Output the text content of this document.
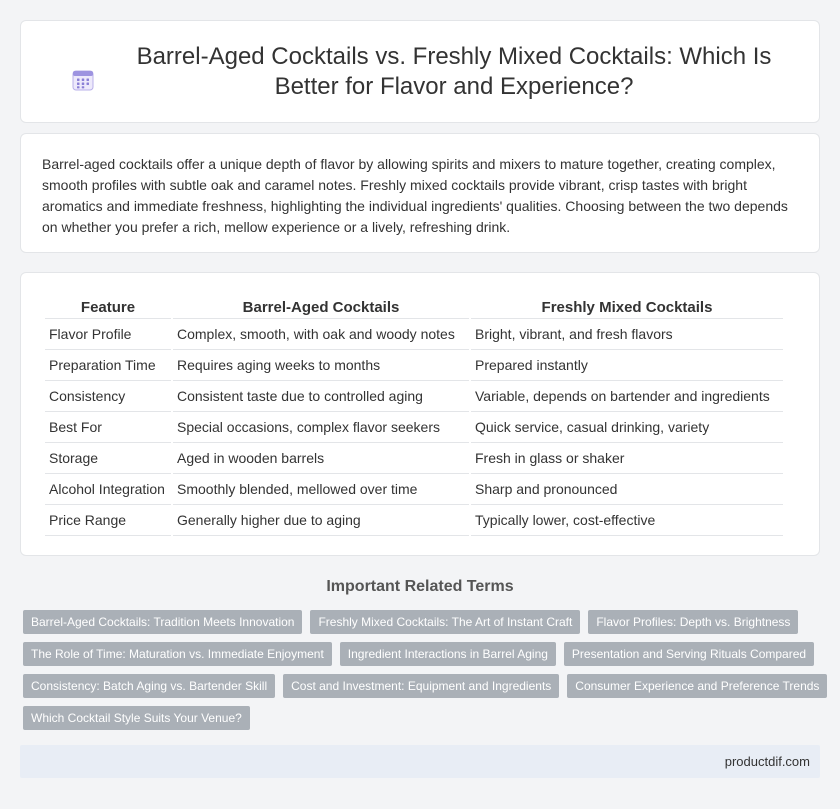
Barrel-Aged Cocktails vs. Freshly Mixed Cocktails: Which Is Better for Flavor and Experience?

Barrel-aged cocktails offer a unique depth of flavor by allowing spirits and mixers to mature together, creating complex, smooth profiles with subtle oak and caramel notes. Freshly mixed cocktails provide vibrant, crisp tastes with bright aromatics and immediate freshness, highlighting the individual ingredients' qualities. Choosing between the two depends on whether you prefer a rich, mellow experience or a lively, refreshing drink.

Feature	Barrel-Aged Cocktails	Freshly Mixed Cocktails
Flavor Profile	Complex, smooth, with oak and woody notes	Bright, vibrant, and fresh flavors
Preparation Time	Requires aging weeks to months	Prepared instantly
Consistency	Consistent taste due to controlled aging	Variable, depends on bartender and ingredients
Best For	Special occasions, complex flavor seekers	Quick service, casual drinking, variety
Storage	Aged in wooden barrels	Fresh in glass or shaker
Alcohol Integration	Smoothly blended, mellowed over time	Sharp and pronounced
Price Range	Generally higher due to aging	Typically lower, cost-effective
Important Related Terms
Barrel-Aged Cocktails: Tradition Meets Innovation	Freshly Mixed Cocktails: The Art of Instant Craft	Flavor Profiles: Depth vs. Brightness
The Role of Time: Maturation vs. Immediate Enjoyment	Ingredient Interactions in Barrel Aging	Presentation and Serving Rituals Compared
Consistency: Batch Aging vs. Bartender Skill	Cost and Investment: Equipment and Ingredients	Consumer Experience and Preference Trends
Which Cocktail Style Suits Your Venue?
productdif.com
